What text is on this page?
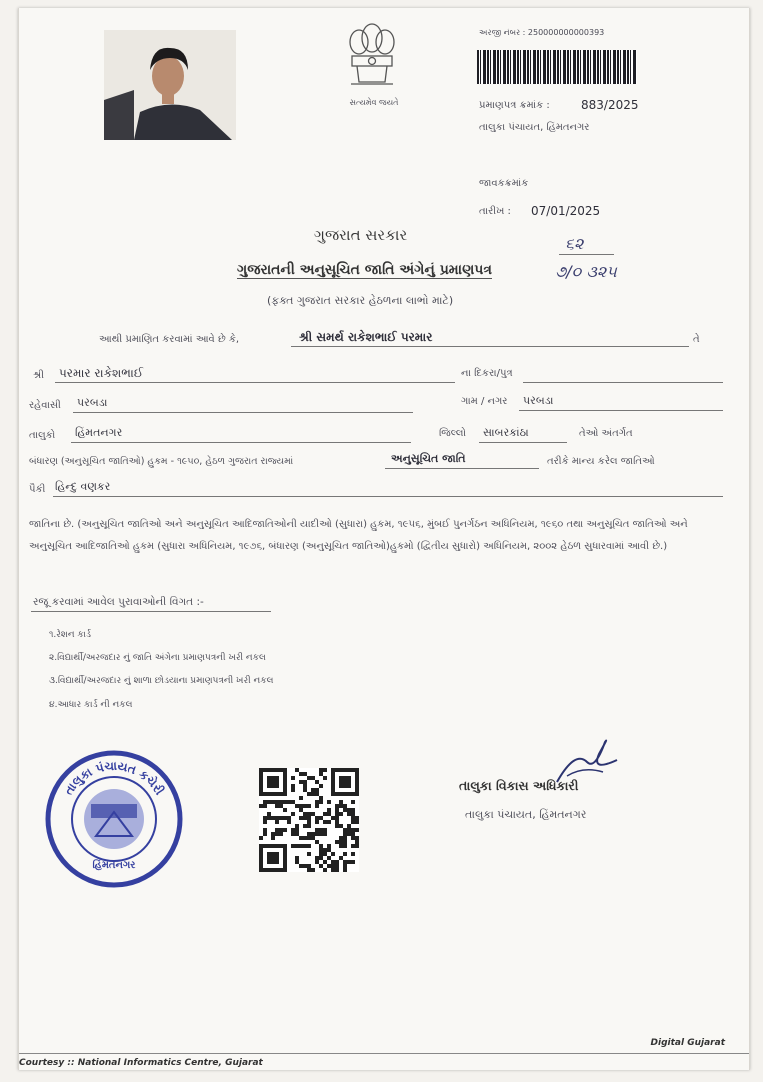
સત્યમેવ જયતે
અરજી નંબર : 250000000000393
પ્રમાણપત્ર ક્રમાંક :	883/2025
તાલુકા પંચાયત, હિંમતનગર
જાવકક્રમાંક
તારીખ : 07/01/2025
૬૨
૭/૦ ૩૨૫
ગુજરાત સરકાર
ગુજરાતની અનુસૂચિત જાતિ અંગેનું પ્રમાણપત્ર
(ફક્ત ગુજરાત સરકાર હેઠળના લાભો માટે)
આથી પ્રમાણિત કરવામાં આવે છે કે,	શ્રી સમર્થ રાકેશભાઈ પરમાર	તે
શ્રી પરમાર રાકેશભાઈ	ના દિકરા/પુત્ર
રહેવાસી પરબડા	ગામ / નગર પરબડા
તાલુકો હિંમતનગર	જિલ્લો સાબરકાંઠા	તેઓ અંતર્ગત
બંધારણ (અનુસૂચિત જાતિઓ) હુકમ - ૧૯૫૦, હેઠળ ગુજરાત રાજ્યમાં	અનુસૂચિત જાતિ	તરીકે માન્ય કરેલ જાતિઓ
પૈકી હિન્દુ વણકર
જાતિના છે. (અનુસૂચિત જાતિઓ અને અનુસૂચિત આદિજાતિઓની યાદીઓ (સુધારા) હુકમ, ૧૯૫૬, મુંબઈ પુનર્ગઠન અધિનિયમ, ૧૯૬૦ તથા અનુસૂચિત જાતિઓ અને અનુસૂચિત આદિજાતિઓ હુકમ (સુધારા અધિનિયમ, ૧૯૭૬, બંધારણ (અનુસૂચિત જાતિઓ)હુકમો (દ્વિતીય સુધારો) અધિનિયમ, ૨૦૦૨ હેઠળ સુધારવામાં આવી છે.)
રજૂ કરવામાં આવેલ પુરાવાઓની વિગત :-
૧.રેશન કાર્ડ
૨.વિદ્યાર્થી/અરજદાર નું જાતિ અંગેના પ્રમાણપત્રની ખરી નકલ
૩.વિદ્યાર્થી/અરજદાર નું શાળા છોડયાના પ્રમાણપત્રની ખરી નકલ
૪.આધાર કાર્ડ ની નકલ
તાલુકા પંચાયત કચેરી
હિંમતનગર
તાલુકા વિકાસ અધિકારી
તાલુકા પંચાયત, હિંમતનગર
Courtesy :: National Informatics Centre, Gujarat
Digital Gujarat
